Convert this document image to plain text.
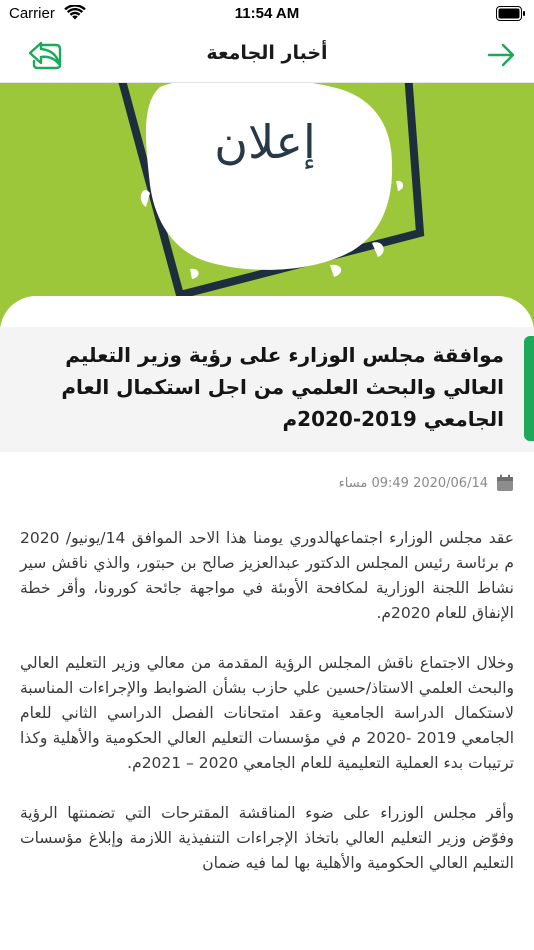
Carrier	11:54 AM
أخبار الجامعة
إعلان
موافقة مجلس الوزارء على رؤية وزير التعليم العالي والبحث العلمي من اجل استكمال العام الجامعي 2019-2020م
2020/06/14 09:49 مساء

عقد مجلس الوزارء اجتماعهالدوري يومنا هذا الاحد الموافق 14/يونيو/ 2020 م برئاسة رئيس المجلس الدكتور عبدالعزيز صالح بن حبتور، والذي ناقش سير نشاط اللجنة الوزارية لمكافحة الأوبئة في مواجهة جائحة كورونا، وأقر خطة الإنفاق للعام 2020م.

وخلال الاجتماع ناقش المجلس الرؤية المقدمة من معالي وزير التعليم العالي والبحث العلمي الاستاذ/حسين علي حازب بشأن الضوابط والإجراءات المناسبة لاستكمال الدراسة الجامعية وعقد امتحانات الفصل الدراسي الثاني للعام الجامعي 2019 -2020 م في مؤسسات التعليم العالي الحكومية والأهلية وكذا ترتيبات بدء العملية التعليمية للعام الجامعي 2020 – 2021م.

وأقر مجلس الوزراء على ضوء المناقشة المقترحات التي تضمنتها الرؤية وفوّض وزير التعليم العالي باتخاذ الإجراءات التنفيذية اللازمة وإبلاغ مؤسسات التعليم العالي الحكومية والأهلية بها لما فيه ضمان
